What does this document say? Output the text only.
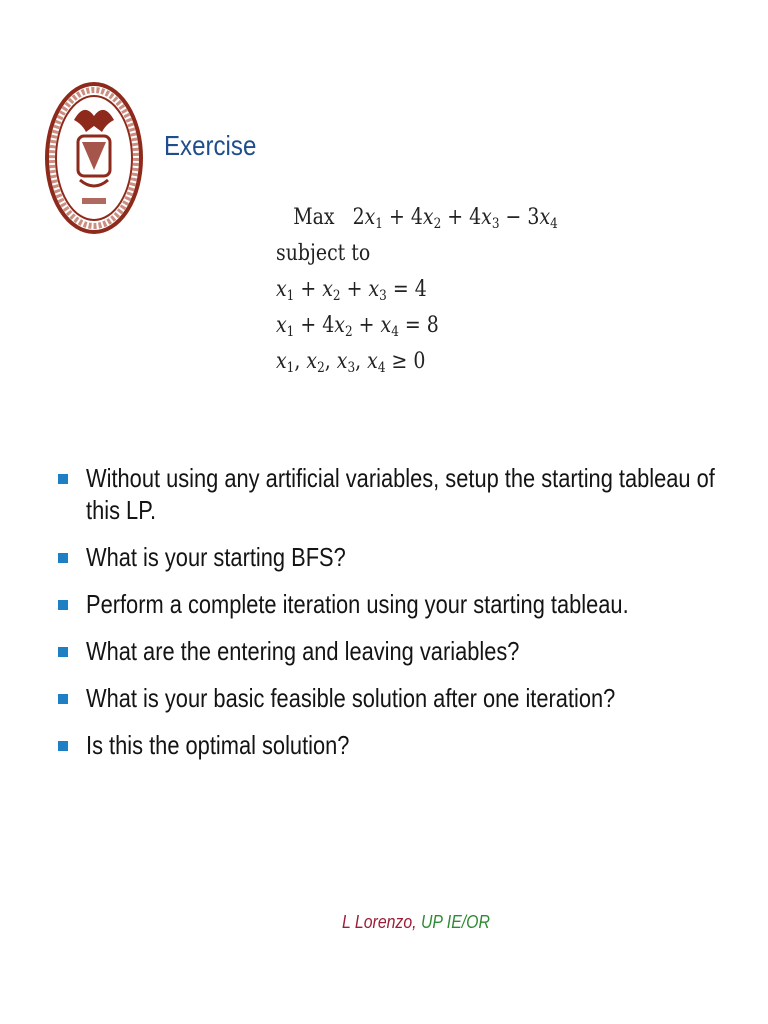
Exercise
Max   $2x_1 + 4x_2 + 4x_3 - 3x_4$
subject to
$x_1 + x_2 + x_3 = 4$
$x_1 + 4x_2 + x_4 = 8$
$x_1$, $x_2$, $x_3$, $x_4 \ge 0$
Without using any artificial variables, setup the starting tableau of this LP.
What is your starting BFS?
Perform a complete iteration using your starting tableau.
What are the entering and leaving variables?
What is your basic feasible solution after one iteration?
Is this the optimal solution?
L Lorenzo, UP IE/OR
